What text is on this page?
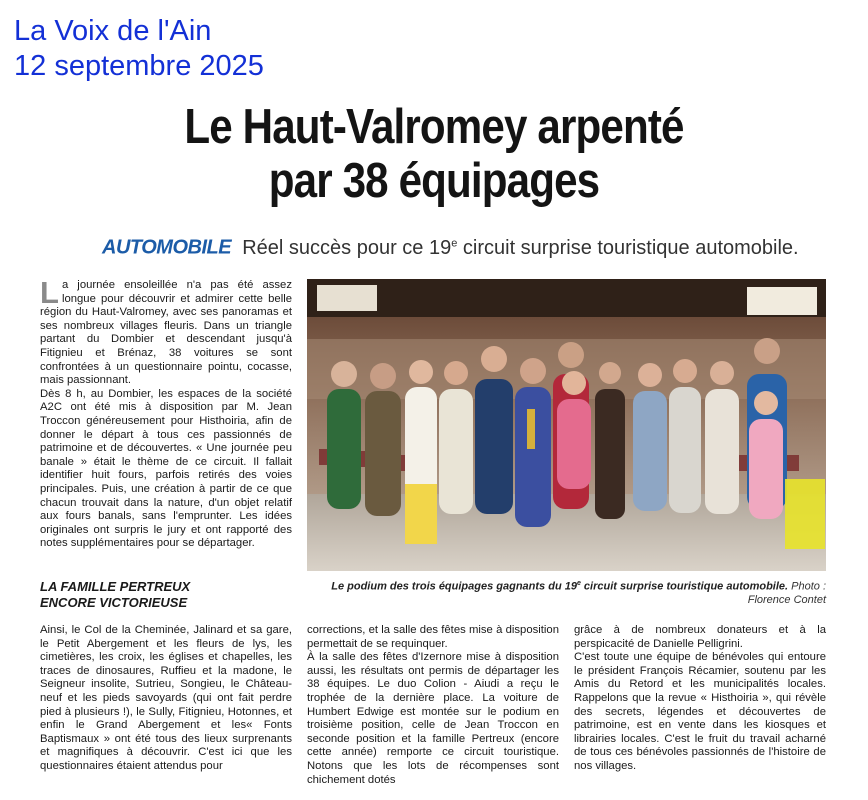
La Voix de l'Ain
12 septembre 2025
Le Haut-Valromey arpenté
par 38 équipages
AUTOMOBILE Réel succès pour ce 19e circuit surprise touristique automobile.
L a journée ensoleillée n'a pas été assez longue pour découvrir et admirer cette belle région du Haut-Valromey, avec ses panoramas et ses nombreux villages fleuris. Dans un triangle partant du Dombier et descendant jusqu'à Fitignieu et Brénaz, 38 voitures se sont confrontées à un questionnaire pointu, cocasse, mais passionnant.

Dès 8 h, au Dombier, les espaces de la société A2C ont été mis à disposition par M. Jean Troccon généreusement pour Histhoiria, afin de donner le départ à tous ces passionnés de patrimoine et de découvertes. « Une journée peu banale » était le thème de ce circuit. Il fallait identifier huit fours, parfois retirés des voies principales. Puis, une création à partir de ce que chacun trouvait dans la nature, d'un objet relatif aux fours banals, sans l'emprunter. Les idées originales ont surpris le jury et ont rapporté des notes supplémentaires pour se départager.

Le podium des trois équipages gagnants du 19e circuit surprise touristique automobile. Photo :
Florence Contet
LA FAMILLE PERTREUX
ENCORE VICTORIEUSE

Ainsi, le Col de la Cheminée, Jalinard et sa gare, le Petit Abergement et les fleurs de lys, les cimetières, les croix, les églises et chapelles, les traces de dinosaures, Ruffieu et la madone, le Seigneur insolite, Sutrieu, Songieu, le Château-neuf et les pieds savoyards (qui ont fait perdre pied à plusieurs !), le Sully, Fitignieu, Hotonnes, et enfin le Grand Abergement et les« Fonts Baptismaux » ont été tous des lieux surprenants et magnifiques à découvrir. C'est ici que les questionnaires étaient attendus pour

corrections, et la salle des fêtes mise à disposition permettait de se requinquer.

À la salle des fêtes d'Izernore mise à disposition aussi, les résultats ont permis de départager les 38 équipes. Le duo Colion - Aiudi a reçu le trophée de la dernière place. La voiture de Humbert Edwige est montée sur le podium en troisième position, celle de Jean Troccon en seconde position et la famille Pertreux (encore cette année) remporte ce circuit touristique. Notons que les lots de récompenses sont chichement dotés

grâce à de nombreux donateurs et à la perspicacité de Danielle Pelligrini.

C'est toute une équipe de bénévoles qui entoure le président François Récamier, soutenu par les Amis du Retord et les municipalités locales. Rappelons que la revue « Histhoiria », qui révèle des secrets, légendes et découvertes de patrimoine, est en vente dans les kiosques et librairies locales. C'est le fruit du travail acharné de tous ces bénévoles passionnés de l'histoire de nos villages.
